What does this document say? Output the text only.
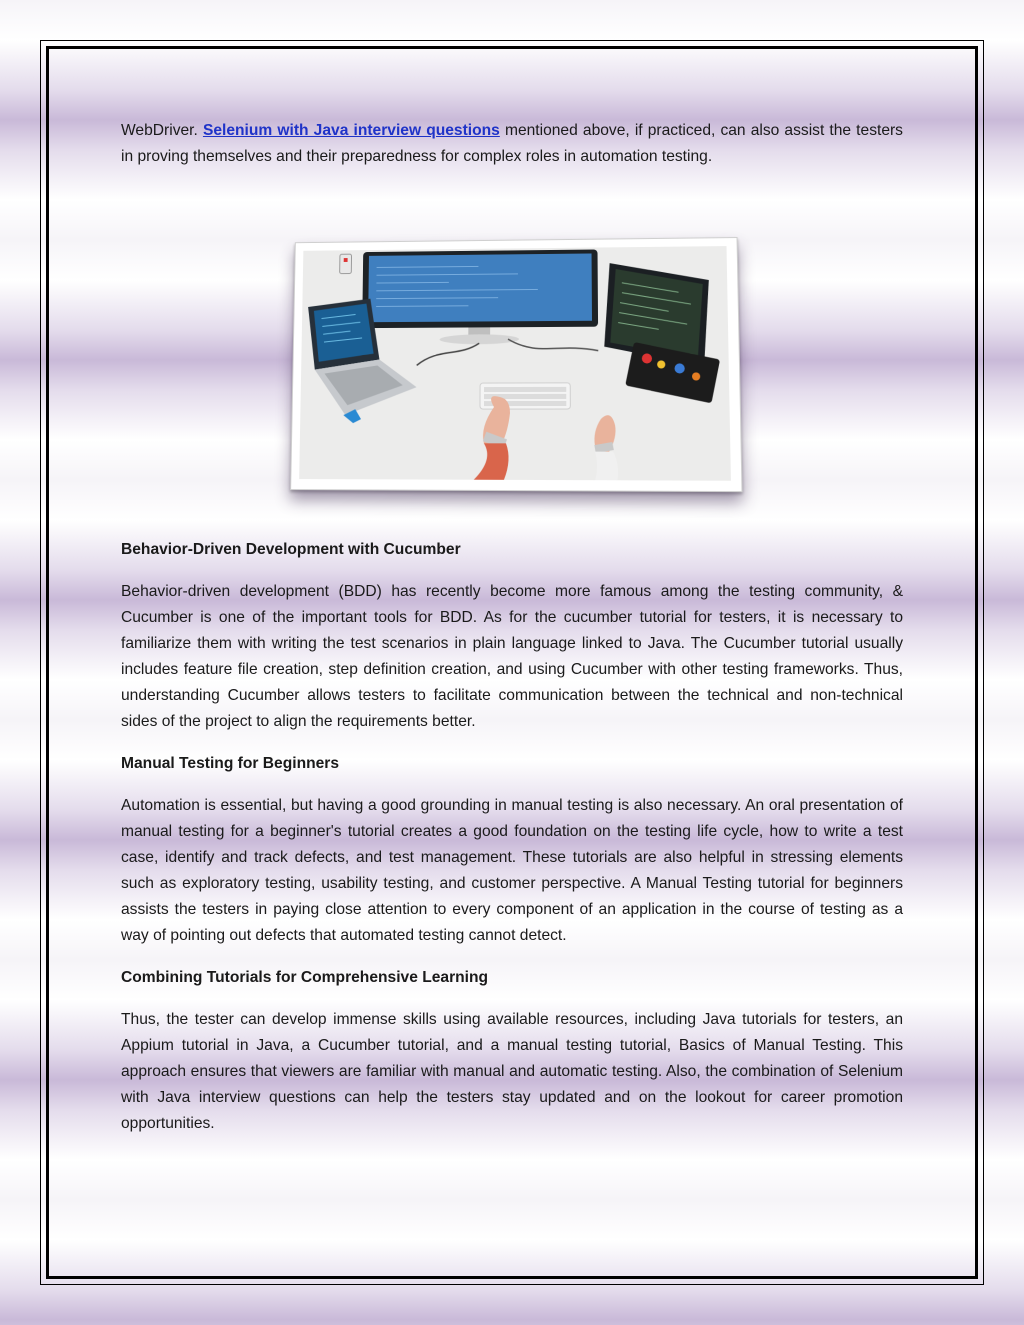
WebDriver. Selenium with Java interview questions mentioned above, if practiced, can also assist the testers in proving themselves and their preparedness for complex roles in automation testing.

Behavior-Driven Development with Cucumber

Behavior-driven development (BDD) has recently become more famous among the testing community, & Cucumber is one of the important tools for BDD. As for the cucumber tutorial for testers, it is necessary to familiarize them with writing the test scenarios in plain language linked to Java. The Cucumber tutorial usually includes feature file creation, step definition creation, and using Cucumber with other testing frameworks. Thus, understanding Cucumber allows testers to facilitate communication between the technical and non-technical sides of the project to align the requirements better.

Manual Testing for Beginners

Automation is essential, but having a good grounding in manual testing is also necessary. An oral presentation of manual testing for a beginner's tutorial creates a good foundation on the testing life cycle, how to write a test case, identify and track defects, and test management. These tutorials are also helpful in stressing elements such as exploratory testing, usability testing, and customer perspective. A Manual Testing tutorial for beginners assists the testers in paying close attention to every component of an application in the course of testing as a way of pointing out defects that automated testing cannot detect.

Combining Tutorials for Comprehensive Learning

Thus, the tester can develop immense skills using available resources, including Java tutorials for testers, an Appium tutorial in Java, a Cucumber tutorial, and a manual testing tutorial, Basics of Manual Testing. This approach ensures that viewers are familiar with manual and automatic testing. Also, the combination of Selenium with Java interview questions can help the testers stay updated and on the lookout for career promotion opportunities.
